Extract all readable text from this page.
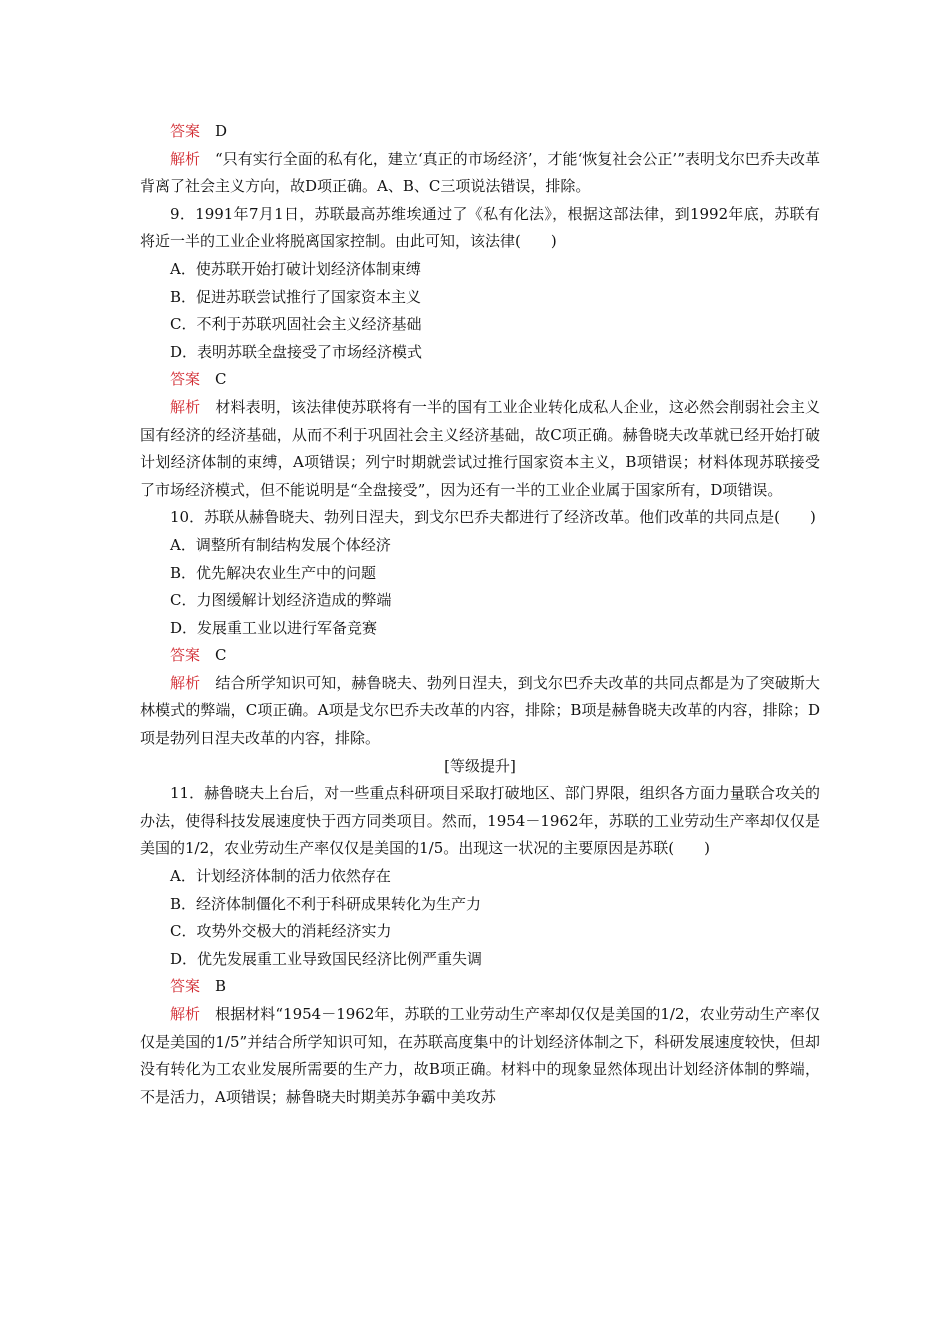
答案 D
解析 “只有实行全面的私有化，建立‘真正的市场经济’，才能‘恢复社会公正’”表明戈尔巴乔夫改革背离了社会主义方向，故D项正确。A、B、C三项说法错误，排除。
9．1991年7月1日，苏联最高苏维埃通过了《私有化法》，根据这部法律，到1992年底，苏联有将近一半的工业企业将脱离国家控制。由此可知，该法律(　　)
A．使苏联开始打破计划经济体制束缚
B．促进苏联尝试推行了国家资本主义
C．不利于苏联巩固社会主义经济基础
D．表明苏联全盘接受了市场经济模式
答案 C
解析 材料表明，该法律使苏联将有一半的国有工业企业转化成私人企业，这必然会削弱社会主义国有经济的经济基础，从而不利于巩固社会主义经济基础，故C项正确。赫鲁晓夫改革就已经开始打破计划经济体制的束缚，A项错误；列宁时期就尝试过推行国家资本主义，B项错误；材料体现苏联接受了市场经济模式，但不能说明是“全盘接受”，因为还有一半的工业企业属于国家所有，D项错误。
10．苏联从赫鲁晓夫、勃列日涅夫，到戈尔巴乔夫都进行了经济改革。他们改革的共同点是(　　)
A．调整所有制结构发展个体经济
B．优先解决农业生产中的问题
C．力图缓解计划经济造成的弊端
D．发展重工业以进行军备竞赛
答案 C
解析 结合所学知识可知，赫鲁晓夫、勃列日涅夫，到戈尔巴乔夫改革的共同点都是为了突破斯大林模式的弊端，C项正确。A项是戈尔巴乔夫改革的内容，排除；B项是赫鲁晓夫改革的内容，排除；D项是勃列日涅夫改革的内容，排除。
[等级提升]
11．赫鲁晓夫上台后，对一些重点科研项目采取打破地区、部门界限，组织各方面力量联合攻关的办法，使得科技发展速度快于西方同类项目。然而，1954－1962年，苏联的工业劳动生产率却仅仅是美国的1/2，农业劳动生产率仅仅是美国的1/5。出现这一状况的主要原因是苏联(　　)
A．计划经济体制的活力依然存在
B．经济体制僵化不利于科研成果转化为生产力
C．攻势外交极大的消耗经济实力
D．优先发展重工业导致国民经济比例严重失调
答案 B
解析 根据材料“1954－1962年，苏联的工业劳动生产率却仅仅是美国的1/2，农业劳动生产率仅仅是美国的1/5”并结合所学知识可知，在苏联高度集中的计划经济体制之下，科研发展速度较快，但却没有转化为工农业发展所需要的生产力，故B项正确。材料中的现象显然体现出计划经济体制的弊端，不是活力，A项错误；赫鲁晓夫时期美苏争霸中美攻苏
